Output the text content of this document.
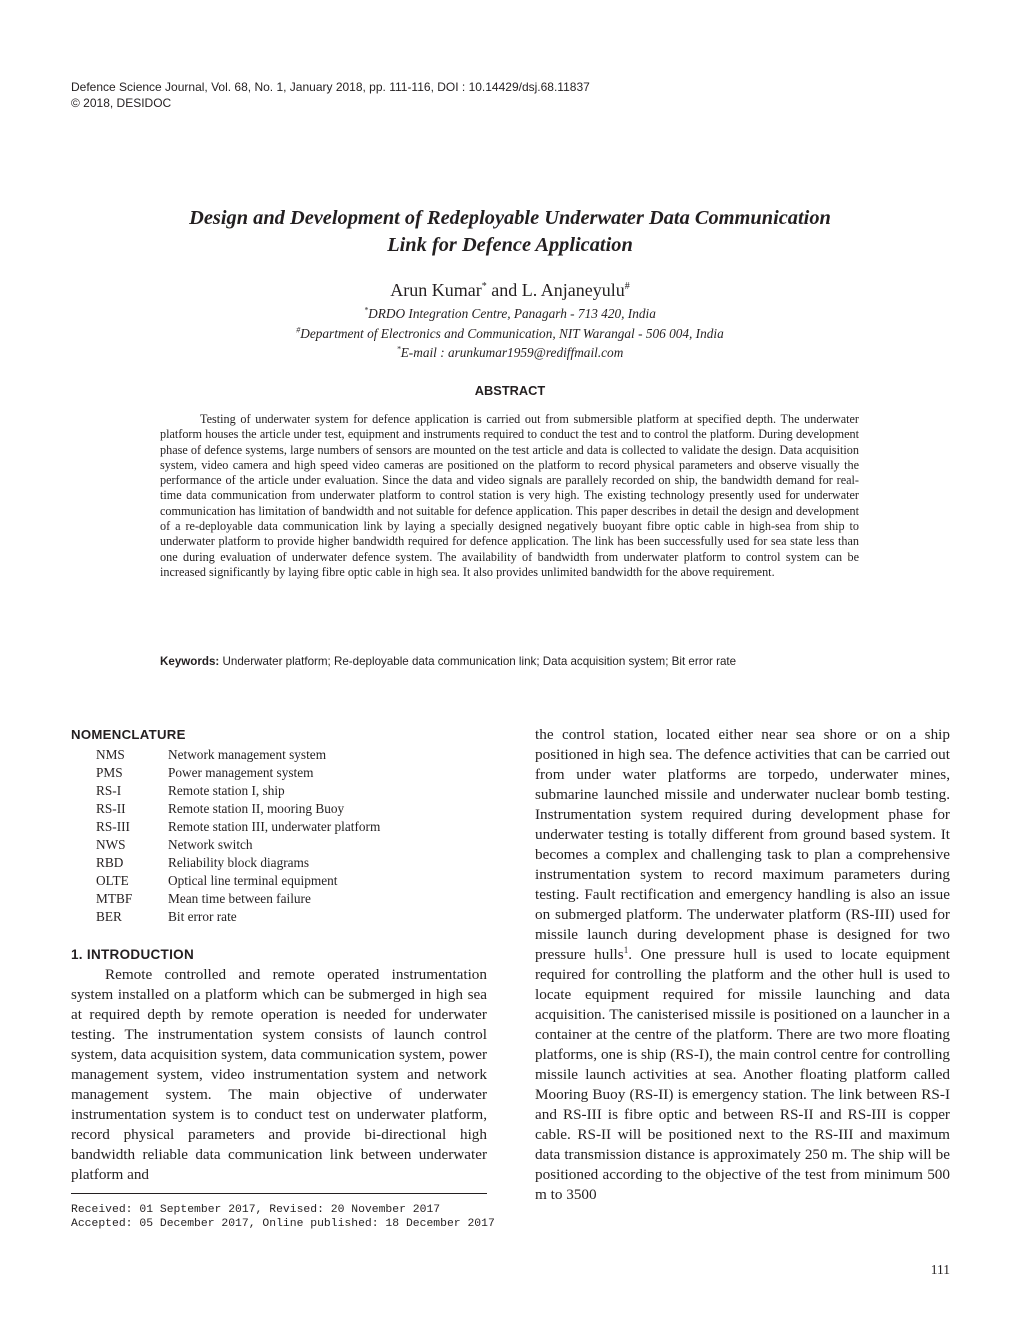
Defence Science Journal, Vol. 68, No. 1, January 2018, pp. 111-116, DOI : 10.14429/dsj.68.11837
© 2018, DESIDOC
Design and Development of Redeployable Underwater Data Communication
Link for Defence Application
Arun Kumar* and L. Anjaneyulu#
*DRDO Integration Centre, Panagarh - 713 420, India
#Department of Electronics and Communication, NIT Warangal - 506 004, India
*E-mail : arunkumar1959@rediffmail.com
ABSTRACT

Testing of underwater system for defence application is carried out from submersible platform at specified depth. The underwater platform houses the article under test, equipment and instruments required to conduct the test and to control the platform. During development phase of defence systems, large numbers of sensors are mounted on the test article and data is collected to validate the design. Data acquisition system, video camera and high speed video cameras are positioned on the platform to record physical parameters and observe visually the performance of the article under evaluation. Since the data and video signals are parallely recorded on ship, the bandwidth demand for real-time data communication from underwater platform to control station is very high. The existing technology presently used for underwater communication has limitation of bandwidth and not suitable for defence application. This paper describes in detail the design and development of a re-deployable data communication link by laying a specially designed negatively buoyant fibre optic cable in high-sea from ship to underwater platform to provide higher bandwidth required for defence application. The link has been successfully used for sea state less than one during evaluation of underwater defence system. The availability of bandwidth from underwater platform to control system can be increased significantly by laying fibre optic cable in high sea. It also provides unlimited bandwidth for the above requirement.

Keywords: Underwater platform; Re-deployable data communication link; Data acquisition system; Bit error rate

NOMENCLATURE
NMS	Network management system
PMS	Power management system
RS-I	Remote station I, ship
RS-II	Remote station II, mooring Buoy
RS-III	Remote station III, underwater platform
NWS	Network switch
RBD	Reliability block diagrams
OLTE	Optical line terminal equipment
MTBF	Mean time between failure
BER	Bit error rate
1. INTRODUCTION

Remote controlled and remote operated instrumentation system installed on a platform which can be submerged in high sea at required depth by remote operation is needed for underwater testing. The instrumentation system consists of launch control system, data acquisition system, data communication system, power management system, video instrumentation system and network management system. The main objective of underwater instrumentation system is to conduct test on underwater platform, record physical parameters and provide bi-directional high bandwidth reliable data communication link between underwater platform and

Received: 01 September 2017, Revised: 20 November 2017
Accepted: 05 December 2017, Online published: 18 December 2017

the control station, located either near sea shore or on a ship positioned in high sea. The defence activities that can be carried out from under water platforms are torpedo, underwater mines, submarine launched missile and underwater nuclear bomb testing. Instrumentation system required during development phase for underwater testing is totally different from ground based system. It becomes a complex and challenging task to plan a comprehensive instrumentation system to record maximum parameters during testing. Fault rectification and emergency handling is also an issue on submerged platform. The underwater platform (RS-III) used for missile launch during development phase is designed for two pressure hulls$^1$. One pressure hull is used to locate equipment required for controlling the platform and the other hull is used to locate equipment required for missile launching and data acquisition. The canisterised missile is positioned on a launcher in a container at the centre of the platform. There are two more floating platforms, one is ship (RS-I), the main control centre for controlling missile launch activities at sea. Another floating platform called Mooring Buoy (RS-II) is emergency station. The link between RS-I and RS-III is fibre optic and between RS-II and RS-III is copper cable. RS-II will be positioned next to the RS-III and maximum data transmission distance is approximately 250 m. The ship will be positioned according to the objective of the test from minimum 500 m to 3500

111
